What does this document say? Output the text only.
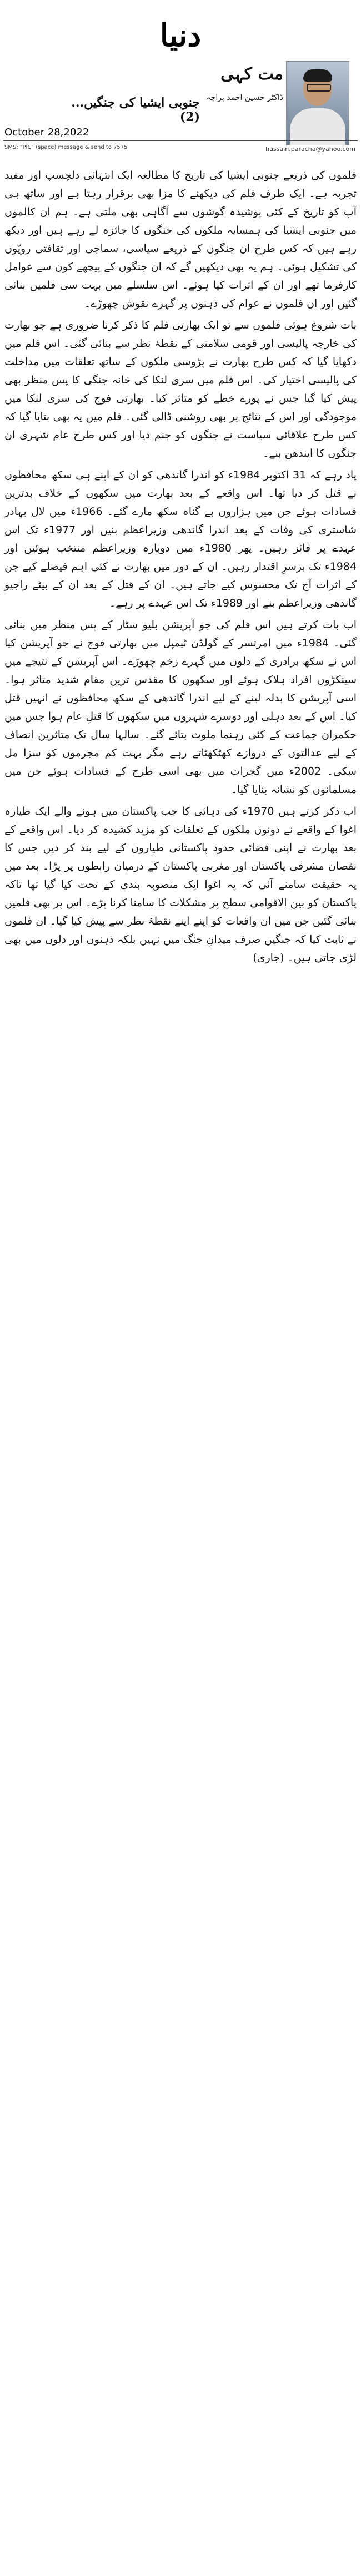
دنیا
مت کہی
ڈاکٹر حسین احمد پراچہ
جنوبی ایشیا کی جنگیں...(2)
October 28,2022
SMS: "PIC" (space) message & send to 7575	hussain.paracha@yahoo.com

فلموں کی ذریعے جنوبی ایشیا کی تاریخ کا مطالعہ ایک انتہائی دلچسپ اور مفید تجربہ ہے۔ ایک طرف فلم کی دیکھنے کا مزا بھی برقرار رہتا ہے اور ساتھ ہی آپ کو تاریخ کے کئی پوشیدہ گوشوں سے آگاہی بھی ملتی ہے۔ ہم ان کالموں میں جنوبی ایشیا کی ہمسایہ ملکوں کی جنگوں کا جائزہ لے رہے ہیں اور دیکھ رہے ہیں کہ کس طرح ان جنگوں کے ذریعے سیاسی، سماجی اور ثقافتی رویّوں کی تشکیل ہوئی۔ ہم یہ بھی دیکھیں گے کہ ان جنگوں کے پیچھے کون سے عوامل کارفرما تھے اور ان کے اثرات کیا ہوئے۔ اس سلسلے میں بہت سی فلمیں بنائی گئیں اور ان فلموں نے عوام کی ذہنوں پر گہرے نقوش چھوڑے۔

بات شروع ہوئی فلموں سے تو ایک بھارتی فلم کا ذکر کرنا ضروری ہے جو بھارت کی خارجہ پالیسی اور قومی سلامتی کے نقطۂ نظر سے بنائی گئی۔ اس فلم میں دکھایا گیا کہ کس طرح بھارت نے پڑوسی ملکوں کے ساتھ تعلقات میں مداخلت کی پالیسی اختیار کی۔ اس فلم میں سری لنکا کی خانہ جنگی کا پس منظر بھی پیش کیا گیا جس نے پورے خطے کو متاثر کیا۔ بھارتی فوج کی سری لنکا میں موجودگی اور اس کے نتائج پر بھی روشنی ڈالی گئی۔ فلم میں یہ بھی بتایا گیا کہ کس طرح علاقائی سیاست نے جنگوں کو جنم دیا اور کس طرح عام شہری ان جنگوں کا ایندھن بنے۔

یاد رہے کہ 31 اکتوبر 1984ء کو اندرا گاندھی کو ان کے اپنے ہی سکھ محافظوں نے قتل کر دیا تھا۔ اس واقعے کے بعد بھارت میں سکھوں کے خلاف بدترین فسادات ہوئے جن میں ہزاروں بے گناہ سکھ مارے گئے۔ 1966ء میں لال بہادر شاستری کی وفات کے بعد اندرا گاندھی وزیراعظم بنیں اور 1977ء تک اس عہدے پر فائز رہیں۔ پھر 1980ء میں دوبارہ وزیراعظم منتخب ہوئیں اور 1984ء تک برسرِ اقتدار رہیں۔ ان کے دور میں بھارت نے کئی اہم فیصلے کیے جن کے اثرات آج تک محسوس کیے جاتے ہیں۔ ان کے قتل کے بعد ان کے بیٹے راجیو گاندھی وزیراعظم بنے اور 1989ء تک اس عہدے پر رہے۔

اب بات کرتے ہیں اس فلم کی جو آپریشن بلیو سٹار کے پس منظر میں بنائی گئی۔ 1984ء میں امرتسر کے گولڈن ٹیمپل میں بھارتی فوج نے جو آپریشن کیا اس نے سکھ برادری کے دلوں میں گہرے زخم چھوڑے۔ اس آپریشن کے نتیجے میں سینکڑوں افراد ہلاک ہوئے اور سکھوں کا مقدس ترین مقام شدید متاثر ہوا۔ اسی آپریشن کا بدلہ لینے کے لیے اندرا گاندھی کے سکھ محافظوں نے انہیں قتل کیا۔ اس کے بعد دہلی اور دوسرے شہروں میں سکھوں کا قتلِ عام ہوا جس میں حکمران جماعت کے کئی رہنما ملوث بتائے گئے۔ سالہا سال تک متاثرین انصاف کے لیے عدالتوں کے دروازے کھٹکھٹاتے رہے مگر بہت کم مجرموں کو سزا مل سکی۔ 2002ء میں گجرات میں بھی اسی طرح کے فسادات ہوئے جن میں مسلمانوں کو نشانہ بنایا گیا۔

اب ذکر کرتے ہیں 1970ء کی دہائی کا جب پاکستان میں ہونے والے ایک طیارہ اغوا کے واقعے نے دونوں ملکوں کے تعلقات کو مزید کشیدہ کر دیا۔ اس واقعے کے بعد بھارت نے اپنی فضائی حدود پاکستانی طیاروں کے لیے بند کر دیں جس کا نقصان مشرقی پاکستان اور مغربی پاکستان کے درمیان رابطوں پر پڑا۔ بعد میں یہ حقیقت سامنے آئی کہ یہ اغوا ایک منصوبہ بندی کے تحت کیا گیا تھا تاکہ پاکستان کو بین الاقوامی سطح پر مشکلات کا سامنا کرنا پڑے۔ اس پر بھی فلمیں بنائی گئیں جن میں ان واقعات کو اپنے اپنے نقطۂ نظر سے پیش کیا گیا۔ ان فلموں نے ثابت کیا کہ جنگیں صرف میدانِ جنگ میں نہیں بلکہ ذہنوں اور دلوں میں بھی لڑی جاتی ہیں۔ (جاری)
